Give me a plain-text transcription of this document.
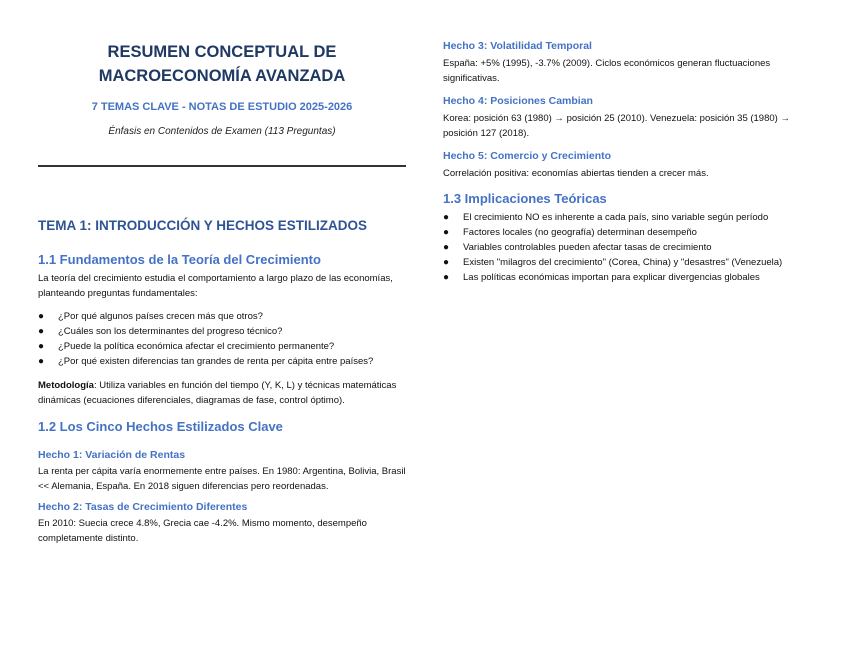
RESUMEN CONCEPTUAL DE
MACROECONOMÍA AVANZADA

7 TEMAS CLAVE - NOTAS DE ESTUDIO 2025-2026

Énfasis en Contenidos de Examen (113 Preguntas)

TEMA 1: INTRODUCCIÓN Y HECHOS ESTILIZADOS

1.1 Fundamentos de la Teoría del Crecimiento

La teoría del crecimiento estudia el comportamiento a largo plazo de las economías, planteando preguntas fundamentales:

● ¿Por qué algunos países crecen más que otros?
● ¿Cuáles son los determinantes del progreso técnico?
● ¿Puede la política económica afectar el crecimiento permanente?
● ¿Por qué existen diferencias tan grandes de renta per cápita entre países?

Metodología: Utiliza variables en función del tiempo (Y, K, L) y técnicas matemáticas dinámicas (ecuaciones diferenciales, diagramas de fase, control óptimo).

1.2 Los Cinco Hechos Estilizados Clave

Hecho 1: Variación de Rentas

La renta per cápita varía enormemente entre países. En 1980: Argentina, Bolivia, Brasil << Alemania, España. En 2018 siguen diferencias pero reordenadas.

Hecho 2: Tasas de Crecimiento Diferentes

En 2010: Suecia crece 4.8%, Grecia cae -4.2%. Mismo momento, desempeño completamente distinto.

Hecho 3: Volatilidad Temporal

España: +5% (1995), -3.7% (2009). Ciclos económicos generan fluctuaciones significativas.

Hecho 4: Posiciones Cambian

Korea: posición 63 (1980) → posición 25 (2010). Venezuela: posición 35 (1980) → posición 127 (2018).

Hecho 5: Comercio y Crecimiento

Correlación positiva: economías abiertas tienden a crecer más.

1.3 Implicaciones Teóricas

● El crecimiento NO es inherente a cada país, sino variable según período
● Factores locales (no geografía) determinan desempeño
● Variables controlables pueden afectar tasas de crecimiento
● Existen "milagros del crecimiento" (Corea, China) y "desastres" (Venezuela)
● Las políticas económicas importan para explicar divergencias globales
